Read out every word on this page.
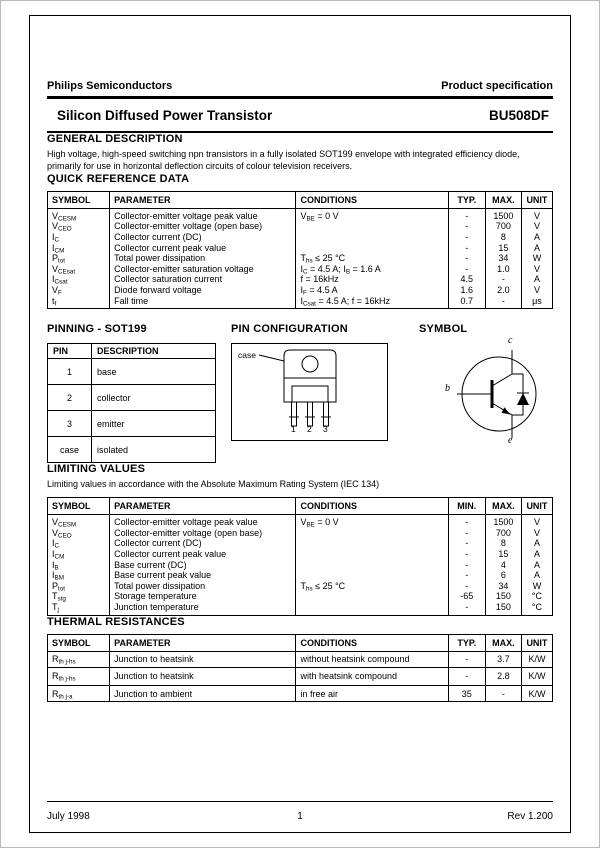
Philips Semiconductors	Product specification
Silicon Diffused Power Transistor	BU508DF
GENERAL DESCRIPTION

High voltage, high-speed switching npn transistors in a fully isolated SOT199 envelope with integrated efficiency diode, primarily for use in horizontal deflection circuits of colour television receivers.

QUICK REFERENCE DATA
SYMBOL	PARAMETER	CONDITIONS	TYP.	MAX.	UNIT
$V_{CESM}$	Collector-emitter voltage peak value	$V_{BE} = 0$ V	-	1500	V
$V_{CEO}$	Collector-emitter voltage (open base)		-	700	V
$I_C$	Collector current (DC)		-	8	A
$I_{CM}$	Collector current peak value		-	15	A
$P_{tot}$	Total power dissipation	$T_{hs} \le 25$ °C	-	34	W
$V_{CEsat}$	Collector-emitter saturation voltage	$I_C = 4.5$ A; $I_B = 1.6$ A	-	1.0	V
$I_{Csat}$	Collector saturation current	f = 16kHz	4.5	-	A
$V_F$	Diode forward voltage	$I_F = 4.5$ A	1.6	2.0	V
$t_f$	Fall time	$I_{Csat} = 4.5$ A; f = 16kHz	0.7	-	μs
PINNING - SOT199
PIN	DESCRIPTION
1	base
2	collector
3	emitter
case	isolated
PIN CONFIGURATION
case
1 2 3
SYMBOL
c
b
e
LIMITING VALUES

Limiting values in accordance with the Absolute Maximum Rating System (IEC 134)

SYMBOL	PARAMETER	CONDITIONS	MIN.	MAX.	UNIT
$V_{CESM}$	Collector-emitter voltage peak value	$V_{BE} = 0$ V	-	1500	V
$V_{CEO}$	Collector-emitter voltage (open base)		-	700	V
$I_C$	Collector current (DC)		-	8	A
$I_{CM}$	Collector current peak value		-	15	A
$I_B$	Base current (DC)		-	4	A
$I_{BM}$	Base current peak value		-	6	A
$P_{tot}$	Total power dissipation	$T_{hs} \le 25$ °C	-	34	W
$T_{stg}$	Storage temperature		-65	150	°C
$T_j$	Junction temperature		-	150	°C
THERMAL RESISTANCES
SYMBOL	PARAMETER	CONDITIONS	TYP.	MAX.	UNIT
$R_{th j-hs}$	Junction to heatsink	without heatsink compound	-	3.7	K/W
$R_{th j-hs}$	Junction to heatsink	with heatsink compound	-	2.8	K/W
$R_{th j-a}$	Junction to ambient	in free air	35	-	K/W
July 1998	1	Rev 1.200
